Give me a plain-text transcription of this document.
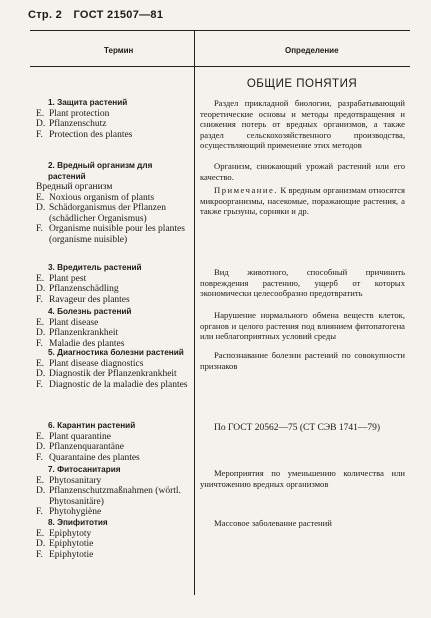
Стр. 2 ГОСТ 21507—81
Термин	Определение
ОБЩИЕ ПОНЯТИЯ
1. Защита растений
E. Plant protection
D. Pflanzenschutz
F. Protection des plantes

Раздел прикладной биологии, разрабатывающий теоретические основы и методы предотвращения и снижения потерь от вредных организмов, а также раздел сельскохозяйственного производства, осуществляющий применение этих методов

2. Вредный организм для растений
Вредный организм
E. Noxious organism of plants
D. Schädorganismus der Pflanzen (schädlicher Organismus)
F. Organisme nuisible pour les plantes (organisme nuisible)

Организм, снижающий урожай растений или его качество.

Примечание. К вредным организмам относятся микроорганизмы, насекомые, поражающие растения, а также грызуны, сорняки и др.

3. Вредитель растений
E. Plant pest
D. Pflanzenschädling
F. Ravageur des plantes

Вид животного, способный причинить повреждения растению, ущерб от которых экономически целесообразно предотвратить

4. Болезнь растений
E. Plant disease
D. Pflanzenkrankheit
F. Maladie des plantes

Нарушение нормального обмена веществ клеток, органов и целого растения под влиянием фитопатогена или неблагоприятных условий среды

5. Диагностика болезни растений
E. Plant disease diagnostics
D. Diagnostik der Pflanzenkrankheit
F. Diagnostic de la maladie des plantes

Распознавание болезни растений по совокупности признаков

6. Карантин растений
E. Plant quarantine
D. Pflanzenquarantäne
F. Quarantaine des plantes

По ГОСТ 20562—75 (СТ СЭВ 1741—79)

7. Фитосанитария
E. Phytosanitary
D. Pflanzenschutzmaßnahmen (wörtl. Phytosanitäre)
F. Phytohygiène

Мероприятия по уменьшению количества или уничтожению вредных организмов

8. Эпифитотия
E. Epiphytoty
D. Epiphytotie
F. Epiphytotie

Массовое заболевание растений
